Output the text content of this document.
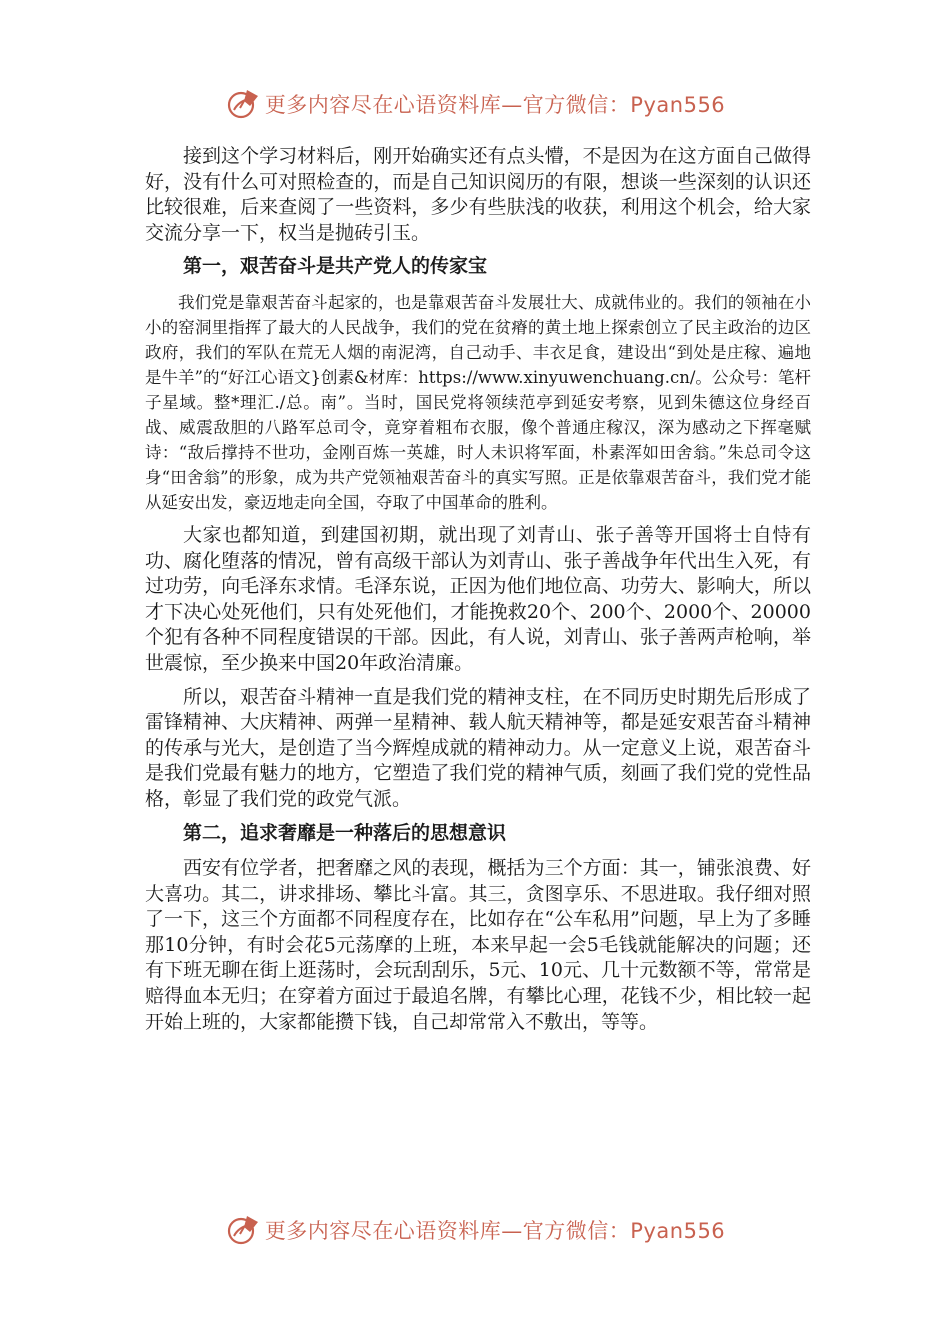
更多内容尽在心语资料库—官方微信：Pyan556

接到这个学习材料后，刚开始确实还有点头懵，不是因为在这方面自己做得好，没有什么可对照检查的，而是自己知识阅历的有限，想谈一些深刻的认识还比较很难，后来查阅了一些资料，多少有些肤浅的收获，利用这个机会，给大家交流分享一下，权当是抛砖引玉。

第一，艰苦奋斗是共产党人的传家宝

我们党是靠艰苦奋斗起家的，也是靠艰苦奋斗发展壮大、成就伟业的。我们的领袖在小小的窑洞里指挥了最大的人民战争，我们的党在贫瘠的黄土地上探索创立了民主政治的边区政府，我们的军队在荒无人烟的南泥湾，自己动手、丰衣足食，建设出“到处是庄稼、遍地是牛羊”的“好江心语文}创素&材库：https://www.xinyuwenchuang.cn/。公众号：笔杆子星域。整*理汇./总。南”。当时，国民党将领续范亭到延安考察，见到朱德这位身经百战、威震敌胆的八路军总司令，竟穿着粗布衣服，像个普通庄稼汉，深为感动之下挥毫赋诗：“敌后撑持不世功，金刚百炼一英雄，时人未识将军面，朴素浑如田舍翁。”朱总司令这身“田舍翁”的形象，成为共产党领袖艰苦奋斗的真实写照。正是依靠艰苦奋斗，我们党才能从延安出发，豪迈地走向全国，夺取了中国革命的胜利。

大家也都知道，到建国初期，就出现了刘青山、张子善等开国将士自恃有功、腐化堕落的情况，曾有高级干部认为刘青山、张子善战争年代出生入死，有过功劳，向毛泽东求情。毛泽东说，正因为他们地位高、功劳大、影响大，所以才下决心处死他们，只有处死他们，才能挽救20个、200个、2000个、20000个犯有各种不同程度错误的干部。因此，有人说，刘青山、张子善两声枪响，举世震惊，至少换来中国20年政治清廉。

所以，艰苦奋斗精神一直是我们党的精神支柱，在不同历史时期先后形成了雷锋精神、大庆精神、两弹一星精神、载人航天精神等，都是延安艰苦奋斗精神的传承与光大，是创造了当今辉煌成就的精神动力。从一定意义上说，艰苦奋斗是我们党最有魅力的地方，它塑造了我们党的精神气质，刻画了我们党的党性品格，彰显了我们党的政党气派。

第二，追求奢靡是一种落后的思想意识

西安有位学者，把奢靡之风的表现，概括为三个方面：其一，铺张浪费、好大喜功。其二，讲求排场、攀比斗富。其三，贪图享乐、不思进取。我仔细对照了一下，这三个方面都不同程度存在，比如存在“公车私用”问题，早上为了多睡那10分钟，有时会花5元荡摩的上班，本来早起一会5毛钱就能解决的问题；还有下班无聊在街上逛荡时，会玩刮刮乐，5元、10元、几十元数额不等，常常是赔得血本无归；在穿着方面过于最追名牌，有攀比心理，花钱不少，相比较一起开始上班的，大家都能攒下钱，自己却常常入不敷出，等等。

更多内容尽在心语资料库—官方微信：Pyan556
